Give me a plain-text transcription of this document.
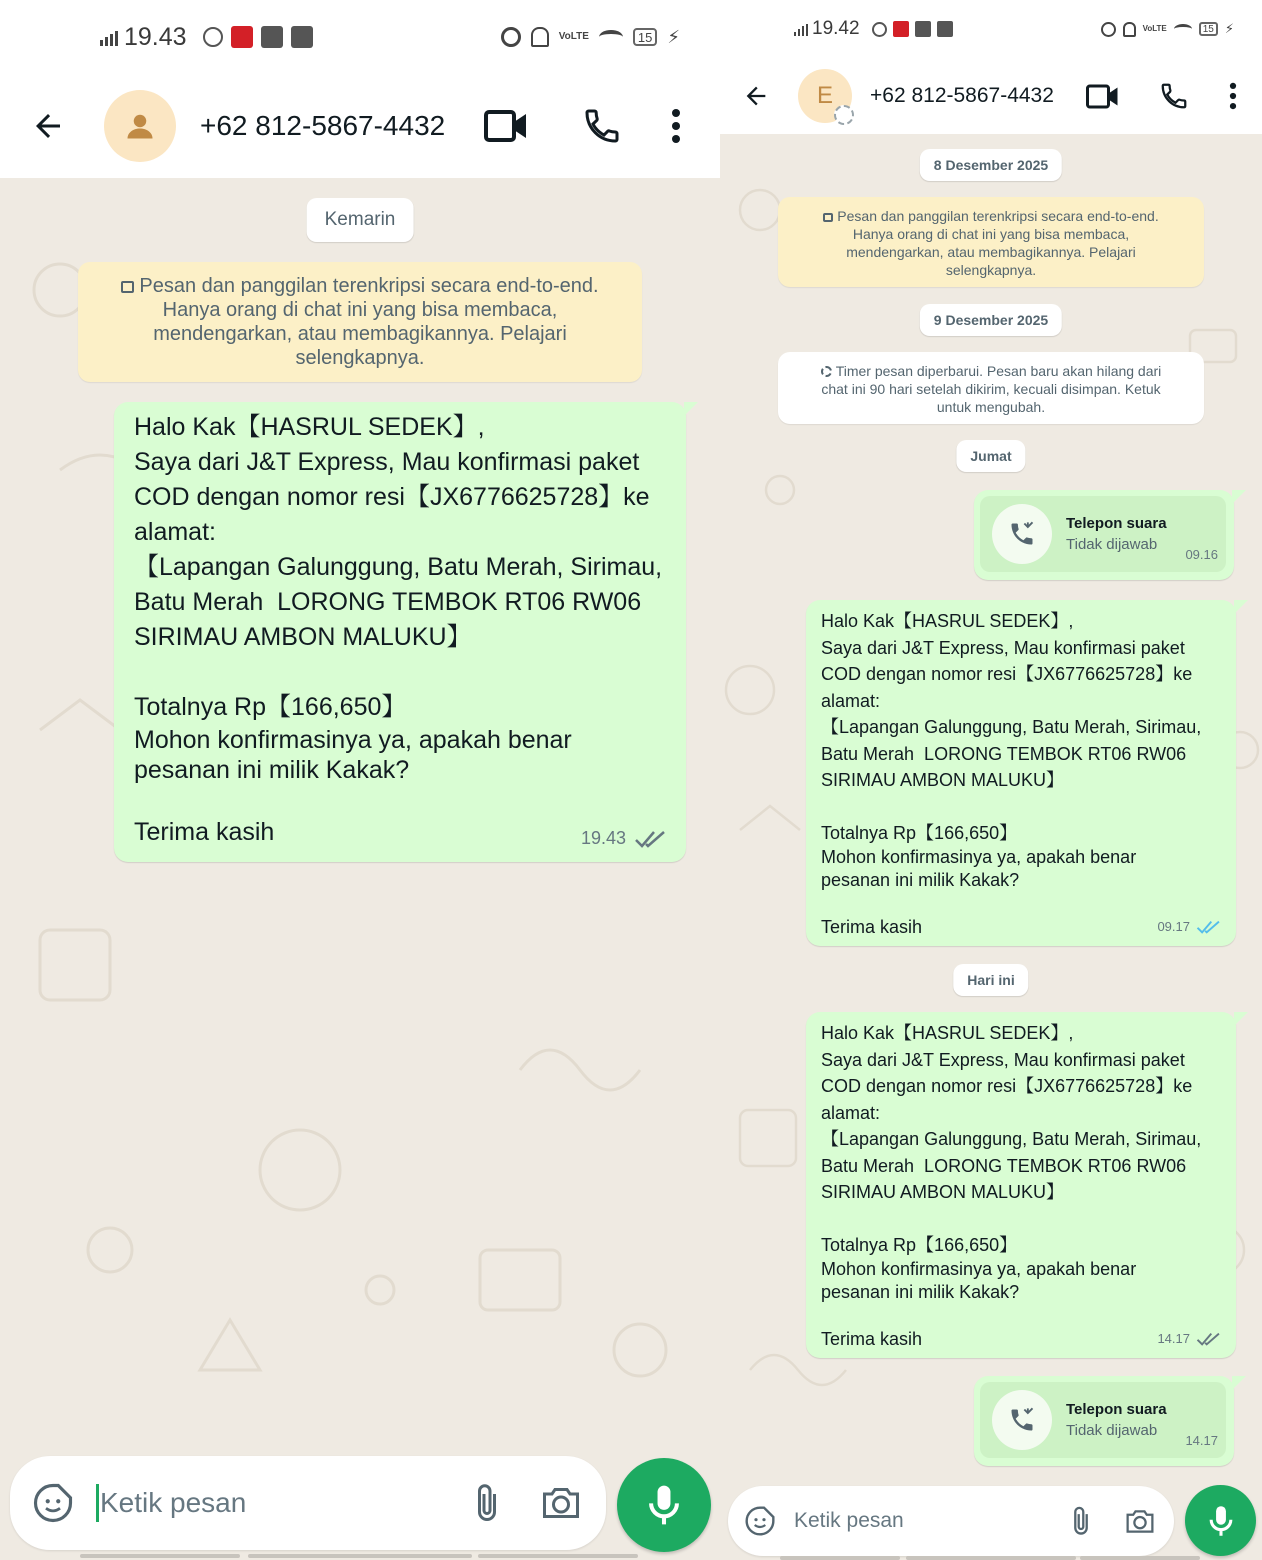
19.43	VoLTE	15 ⚡
+62 812-5867-4432
Kemarin
Pesan dan panggilan terenkripsi secara end-to-end.
Hanya orang di chat ini yang bisa membaca,
mendengarkan, atau membagikannya. Pelajari
selengkapnya.
Halo Kak【HASRUL SEDEK】,
Saya dari J&T Express, Mau konfirmasi paket
COD dengan nomor resi【JX6776625728】ke
alamat:
【Lapangan Galunggung, Batu Merah, Sirimau,
Batu Merah  LORONG TEMBOK RT06 RW06
SIRIMAU AMBON MALUKU】
Totalnya Rp【166,650】
Mohon konfirmasinya ya, apakah benar
pesanan ini milik Kakak?
Terima kasih	19.43
Ketik pesan
19.42	VoLTE	15 ⚡
E +62 812-5867-4432
8 Desember 2025
Pesan dan panggilan terenkripsi secara end-to-end.
Hanya orang di chat ini yang bisa membaca,
mendengarkan, atau membagikannya. Pelajari
selengkapnya.
9 Desember 2025
Timer pesan diperbarui. Pesan baru akan hilang dari
chat ini 90 hari setelah dikirim, kecuali disimpan. Ketuk
untuk mengubah.
Jumat
Telepon suara
Tidak dijawab
09.16
Halo Kak【HASRUL SEDEK】,
Saya dari J&T Express, Mau konfirmasi paket
COD dengan nomor resi【JX6776625728】ke
alamat:
【Lapangan Galunggung, Batu Merah, Sirimau,
Batu Merah  LORONG TEMBOK RT06 RW06
SIRIMAU AMBON MALUKU】
Totalnya Rp【166,650】
Mohon konfirmasinya ya, apakah benar
pesanan ini milik Kakak?
Terima kasih	09.17
Hari ini
Halo Kak【HASRUL SEDEK】,
Saya dari J&T Express, Mau konfirmasi paket
COD dengan nomor resi【JX6776625728】ke
alamat:
【Lapangan Galunggung, Batu Merah, Sirimau,
Batu Merah  LORONG TEMBOK RT06 RW06
SIRIMAU AMBON MALUKU】
Totalnya Rp【166,650】
Mohon konfirmasinya ya, apakah benar
pesanan ini milik Kakak?
Terima kasih	14.17
Telepon suara
Tidak dijawab
14.17
Ketik pesan
